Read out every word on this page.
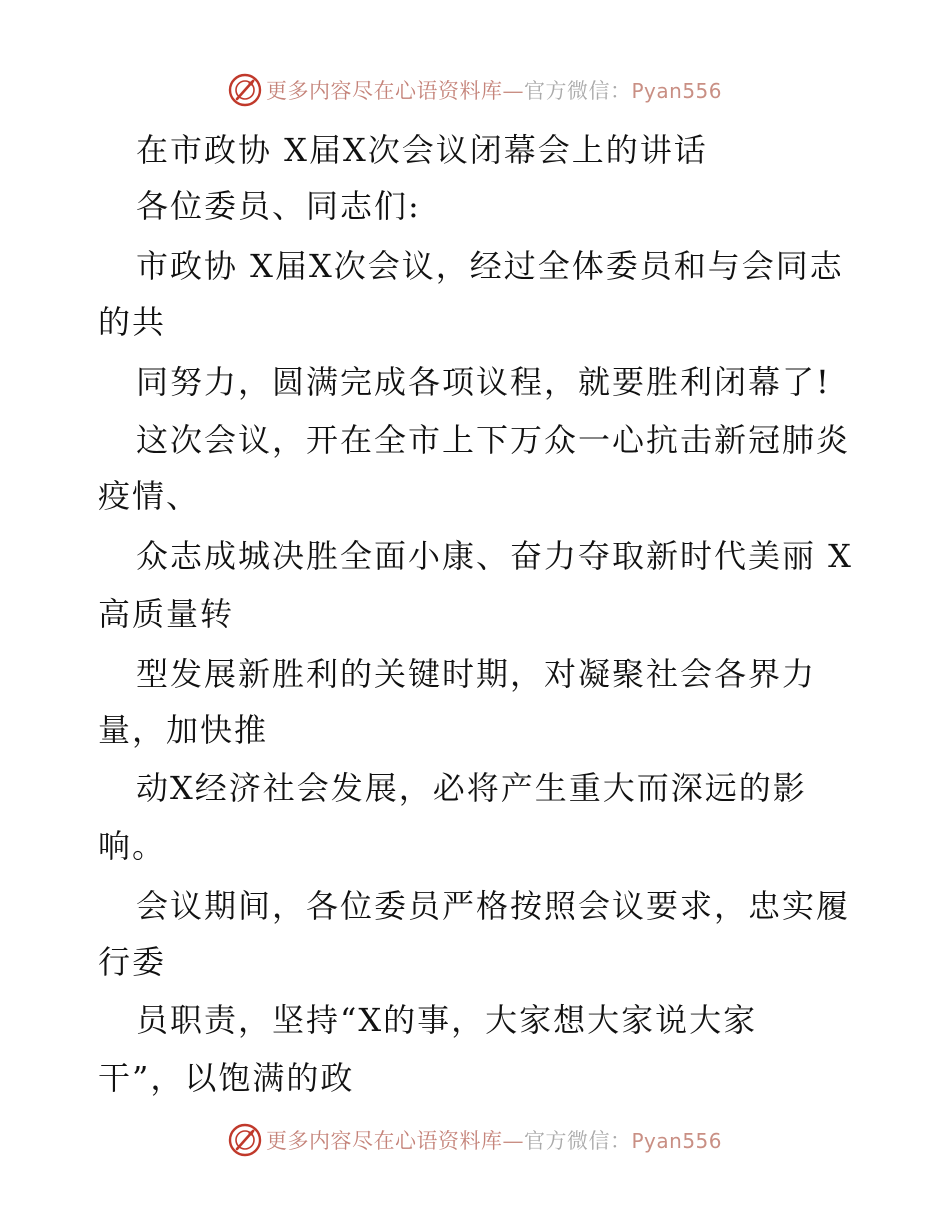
更多内容尽在心语资料库—官方微信：Pyan556
在市政协 X届X次会议闭幕会上的讲话
各位委员、同志们:
市政协 X届X次会议，经过全体委员和与会同志
的共
同努力，圆满完成各项议程，就要胜利闭幕了!
这次会议，开在全市上下万众一心抗击新冠肺炎
疫情、
众志成城决胜全面小康、奋力夺取新时代美丽 X
高质量转
型发展新胜利的关键时期，对凝聚社会各界力
量，加快推
动X经济社会发展，必将产生重大而深远的影
响。
会议期间，各位委员严格按照会议要求，忠实履
行委
员职责，坚持“X的事，大家想大家说大家
干”，以饱满的政
更多内容尽在心语资料库—官方微信：Pyan556
